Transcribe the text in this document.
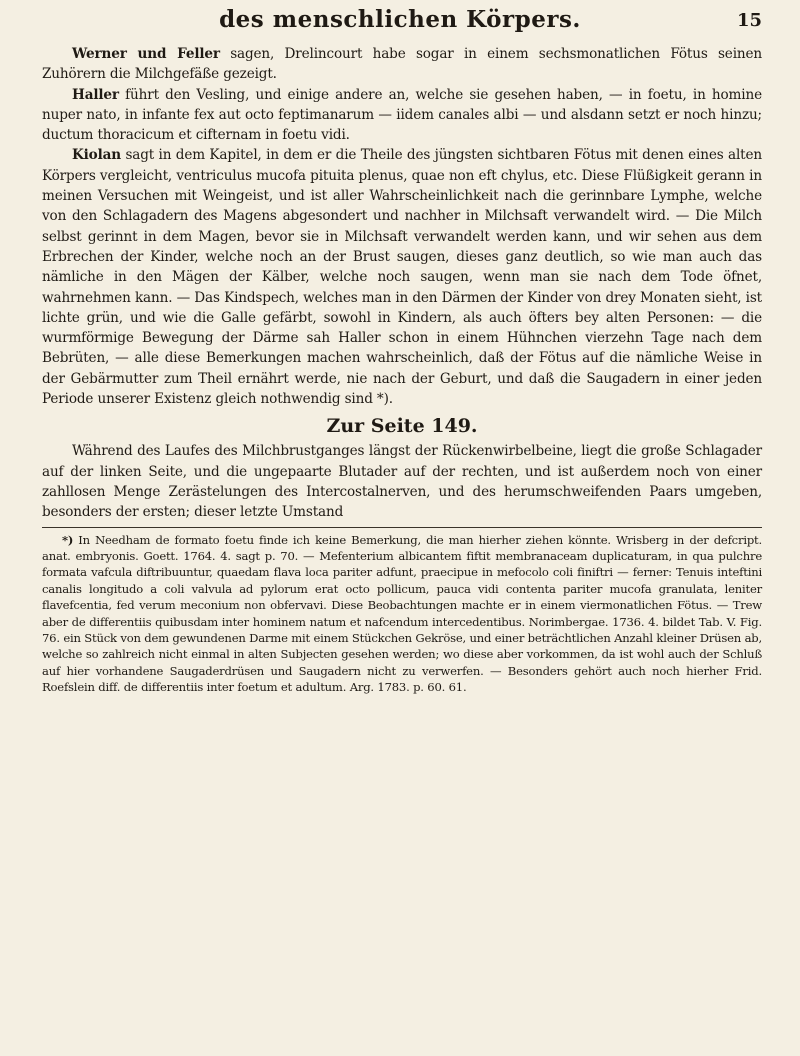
des menschlichen Körpers.	15

Werner und Feller sagen, Drelincourt habe sogar in einem sechsmonatlichen Fötus seinen Zuhörern die Milchgefäße gezeigt.

Haller führt den Vesling, und einige andere an, welche sie gesehen haben, — in foetu, in homine nuper nato, in infante fex aut octo feptimanarum — iidem canales albi — und alsdann setzt er noch hinzu; ductum thoracicum et cifternam in foetu vidi.

Kiolan sagt in dem Kapitel, in dem er die Theile des jüngsten sichtbaren Fötus mit denen eines alten Körpers vergleicht, ventriculus mucofa pituita plenus, quae non eft chylus, etc. Diese Flüßigkeit gerann in meinen Versuchen mit Weingeist, und ist aller Wahrscheinlichkeit nach die gerinnbare Lymphe, welche von den Schlagadern des Magens abgesondert und nachher in Milchsaft verwandelt wird. — Die Milch selbst gerinnt in dem Magen, bevor sie in Milchsaft verwandelt werden kann, und wir sehen aus dem Erbrechen der Kinder, welche noch an der Brust saugen, dieses ganz deutlich, so wie man auch das nämliche in den Mägen der Kälber, welche noch saugen, wenn man sie nach dem Tode öfnet, wahrnehmen kann. — Das Kindspech, welches man in den Därmen der Kinder von drey Monaten sieht, ist lichte grün, und wie die Galle gefärbt, sowohl in Kindern, als auch öfters bey alten Personen: — die wurmförmige Bewegung der Därme sah Haller schon in einem Hühnchen vierzehn Tage nach dem Bebrüten, — alle diese Bemerkungen machen wahrscheinlich, daß der Fötus auf die nämliche Weise in der Gebärmutter zum Theil ernährt werde, nie nach der Geburt, und daß die Saugadern in einer jeden Periode unserer Existenz gleich nothwendig sind *).

Zur Seite 149.

Während des Laufes des Milchbrustganges längst der Rückenwirbelbeine, liegt die große Schlagader auf der linken Seite, und die ungepaarte Blutader auf der rechten, und ist außerdem noch von einer zahllosen Menge Zerästelungen des Intercostalnerven, und des herumschweifenden Paars umgeben, besonders der ersten; dieser letzte Umstand

*) In Needham de formato foetu finde ich keine Bemerkung, die man hierher ziehen könnte. Wrisberg in der defcript. anat. embryonis. Goett. 1764. 4. sagt p. 70. — Mefenterium albicantem fiftit membranaceam duplicaturam, in qua pulchre formata vafcula diftribuuntur, quaedam flava loca pariter adfunt, praecipue in mefocolo coli finiftri — ferner: Tenuis inteftini canalis longitudo a coli valvula ad pylorum erat octo pollicum, pauca vidi contenta pariter mucofa granulata, leniter flavefcentia, fed verum meconium non obfervavi. Diese Beobachtungen machte er in einem viermonatlichen Fötus. — Trew aber de differentiis quibusdam inter hominem natum et nafcendum intercedentibus. Norimbergae. 1736. 4. bildet Tab. V. Fig. 76. ein Stück von dem gewundenen Darme mit einem Stückchen Gekröse, und einer beträchtlichen Anzahl kleiner Drüsen ab, welche so zahlreich nicht einmal in alten Subjecten gesehen werden; wo diese aber vorkommen, da ist wohl auch der Schluß auf hier vorhandene Saugaderdrüsen und Saugadern nicht zu verwerfen. — Besonders gehört auch noch hierher Frid. Roefslein diff. de differentiis inter foetum et adultum. Arg. 1783. p. 60. 61.
